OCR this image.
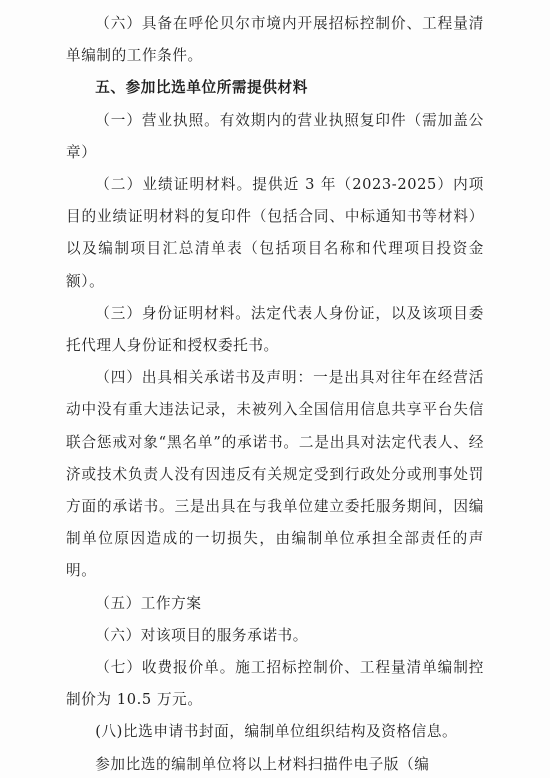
（六）具备在呼伦贝尔市境内开展招标控制价、工程量清单编制的工作条件。

五、参加比选单位所需提供材料

（一）营业执照。有效期内的营业执照复印件（需加盖公章）

（二）业绩证明材料。提供近 3 年（2023-2025）内项目的业绩证明材料的复印件（包括合同、中标通知书等材料）以及编制项目汇总清单表（包括项目名称和代理项目投资金额）。

（三）身份证明材料。法定代表人身份证，以及该项目委托代理人身份证和授权委托书。

（四）出具相关承诺书及声明：一是出具对往年在经营活动中没有重大违法记录，未被列入全国信用信息共享平台失信联合惩戒对象“黑名单”的承诺书。二是出具对法定代表人、经济或技术负责人没有因违反有关规定受到行政处分或刑事处罚方面的承诺书。三是出具在与我单位建立委托服务期间，因编制单位原因造成的一切损失，由编制单位承担全部责任的声明。

（五）工作方案

（六）对该项目的服务承诺书。

（七）收费报价单。施工招标控制价、工程量清单编制控制价为 10.5 万元。

(八)比选申请书封面，编制单位组织结构及资格信息。

参加比选的编制单位将以上材料扫描件电子版（编
